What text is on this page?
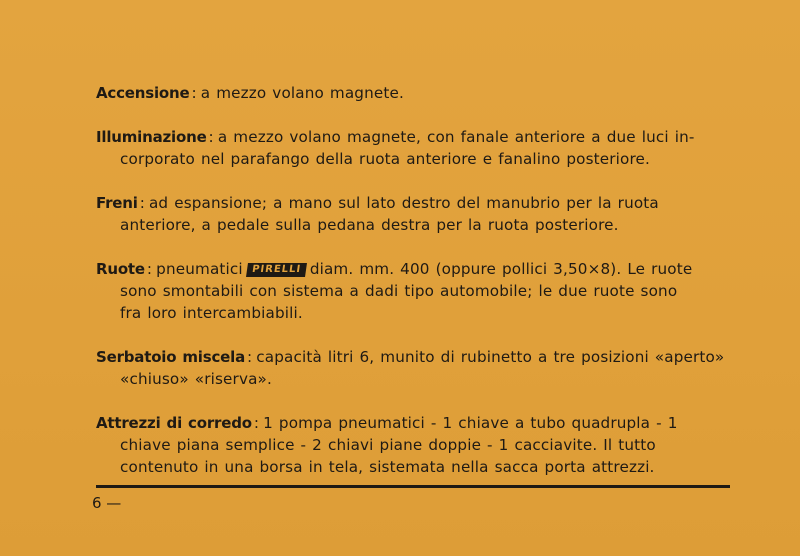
Accensione : a mezzo volano magnete.

Illuminazione : a mezzo volano magnete, con fanale anteriore a due luci in-
corporato nel parafango della ruota anteriore e fanalino posteriore.

Freni : ad espansione; a mano sul lato destro del manubrio per la ruota
anteriore, a pedale sulla pedana destra per la ruota posteriore.

Ruote : pneumatici PIRELLI diam. mm. 400 (oppure pollici 3,50×8). Le ruote
sono smontabili con sistema a dadi tipo automobile; le due ruote sono
fra loro intercambiabili.

Serbatoio miscela : capacità litri 6, munito di rubinetto a tre posizioni «aperto»
«chiuso» «riserva».

Attrezzi di corredo : 1 pompa pneumatici - 1 chiave a tubo quadrupla - 1
chiave piana semplice - 2 chiavi piane doppie - 1 cacciavite. Il tutto
contenuto in una borsa in tela, sistemata nella sacca porta attrezzi.

6 —
